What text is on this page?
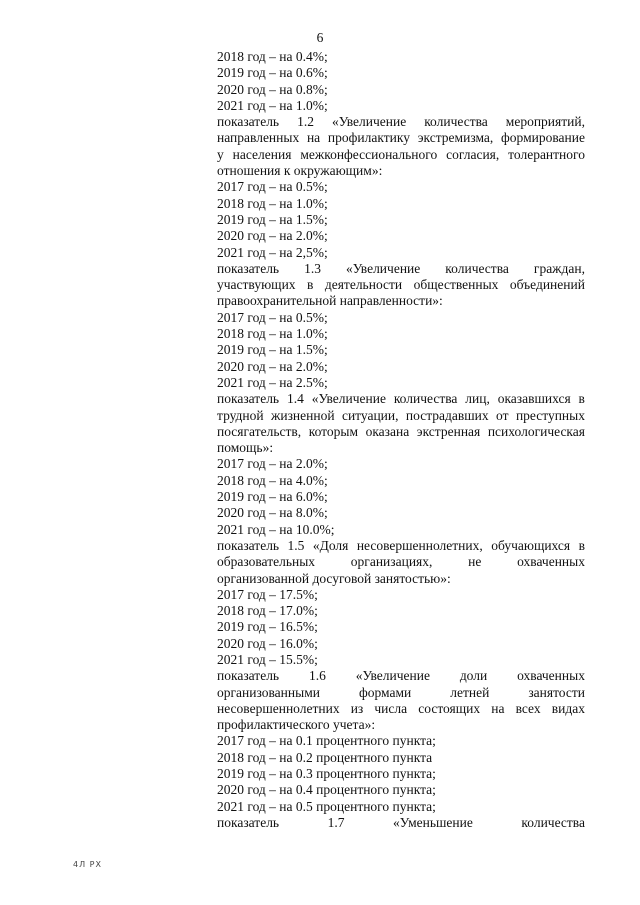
6
2018 год – на 0.4%;
2019 год – на 0.6%;
2020 год – на 0.8%;
2021 год – на 1.0%;
показатель 1.2 «Увеличение количества мероприятий,
направленных на профилактику экстремизма, формирование
у населения межконфессионального согласия, толерантного
отношения к окружающим»:
2017 год – на 0.5%;
2018 год – на 1.0%;
2019 год – на 1.5%;
2020 год – на 2.0%;
2021 год – на 2,5%;
показатель 1.3 «Увеличение количества граждан,
участвующих в деятельности общественных объединений
правоохранительной направленности»:
2017 год – на 0.5%;
2018 год – на 1.0%;
2019 год – на 1.5%;
2020 год – на 2.0%;
2021 год – на 2.5%;
показатель 1.4 «Увеличение количества лиц, оказавшихся в
трудной жизненной ситуации, пострадавших от преступных
посягательств, которым оказана экстренная психологическая
помощь»:
2017 год – на 2.0%;
2018 год – на 4.0%;
2019 год – на 6.0%;
2020 год – на 8.0%;
2021 год – на 10.0%;
показатель 1.5 «Доля несовершеннолетних, обучающихся в
образовательных	организациях,	не	охваченных
организованной досуговой занятостью»:
2017 год – 17.5%;
2018 год – 17.0%;
2019 год – 16.5%;
2020 год – 16.0%;
2021 год – 15.5%;
показатель 1.6 «Увеличение доли охваченных
организованными	формами	летней	занятости
несовершеннолетних из числа состоящих на всех видах
профилактического учета»:
2017 год – на 0.1 процентного пункта;
2018 год – на 0.2 процентного пункта
2019 год – на 0.3 процентного пункта;
2020 год – на 0.4 процентного пункта;
2021 год – на 0.5 процентного пункта;
показатель	1.7	«Уменьшение	количества
4Л РХ
